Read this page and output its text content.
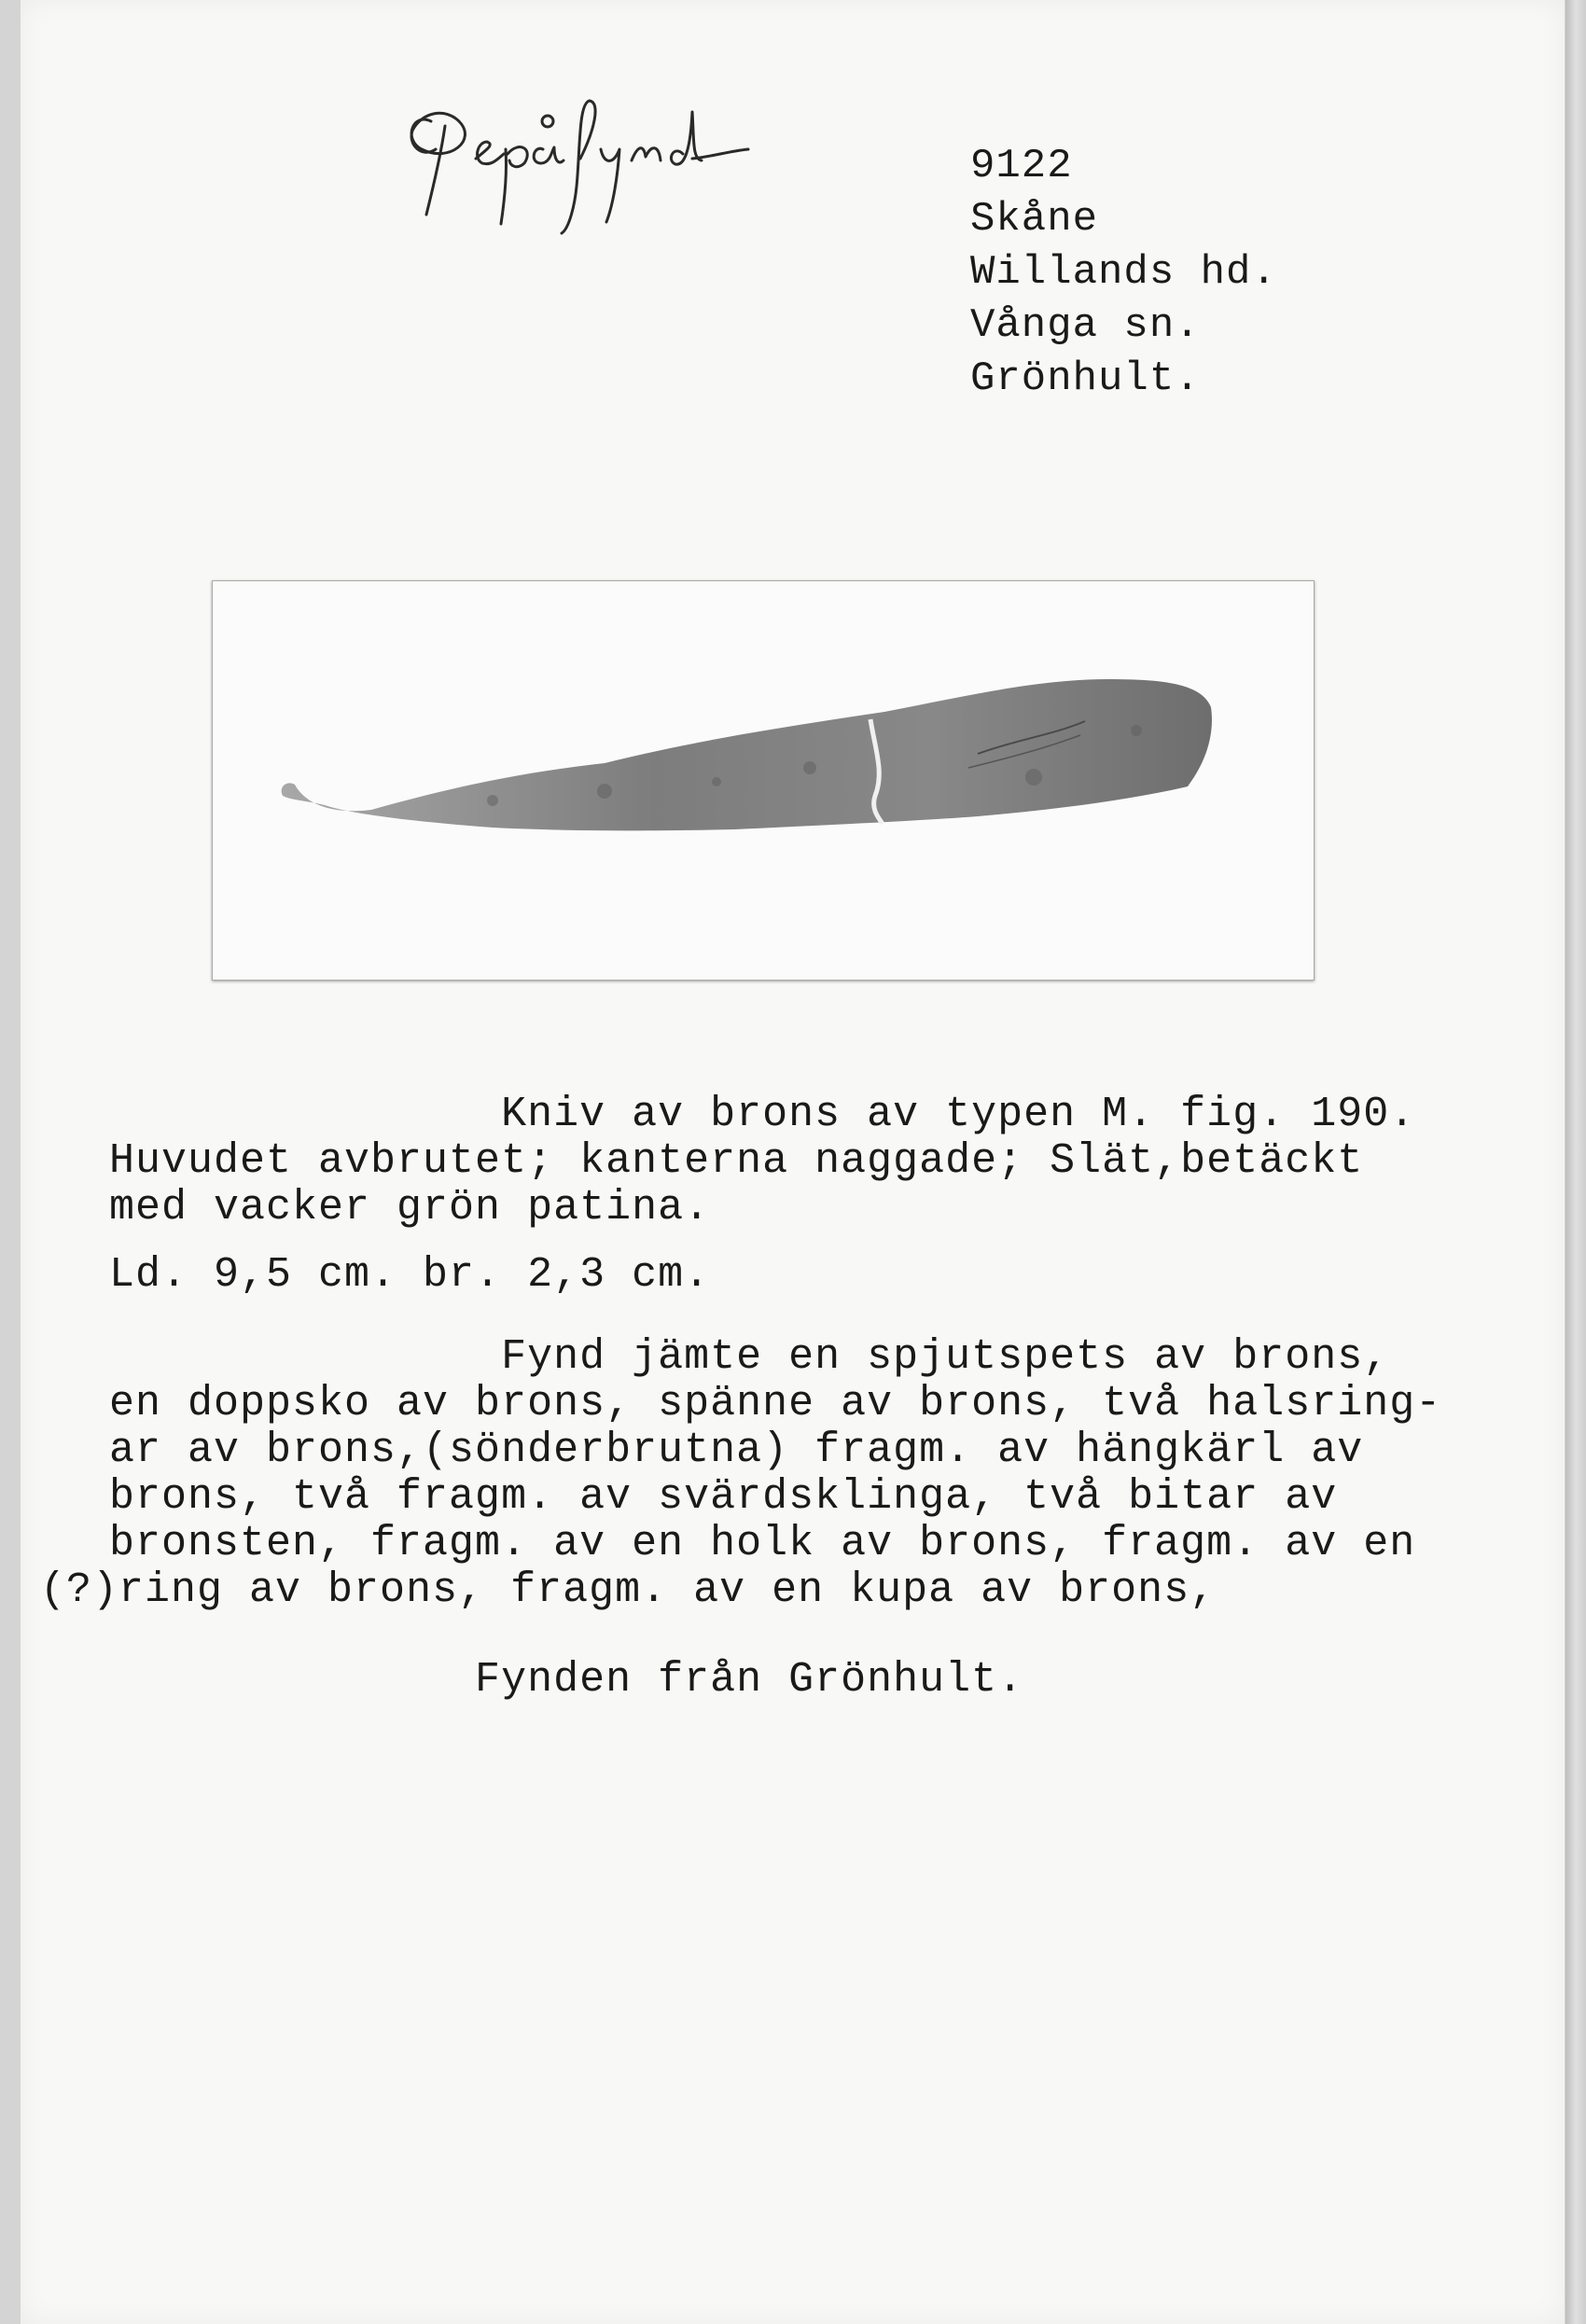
9122
Skåne
Willands hd.
Vånga sn.
Grönhult.
Kniv av brons av typen M. fig. 190.
Huvudet avbrutet; kanterna naggade; Slät,betäckt
med vacker grön patina.
Ld. 9,5 cm. br. 2,3 cm.
Fynd jämte en spjutspets av brons,
en doppsko av brons, spänne av brons, två halsring-
ar av brons,(sönderbrutna) fragm. av hängkärl av
brons, två fragm. av svärdsklinga, två bitar av
bronsten, fragm. av en holk av brons, fragm. av en
(?)ring av brons, fragm. av en kupa av brons,
Fynden från Grönhult.
